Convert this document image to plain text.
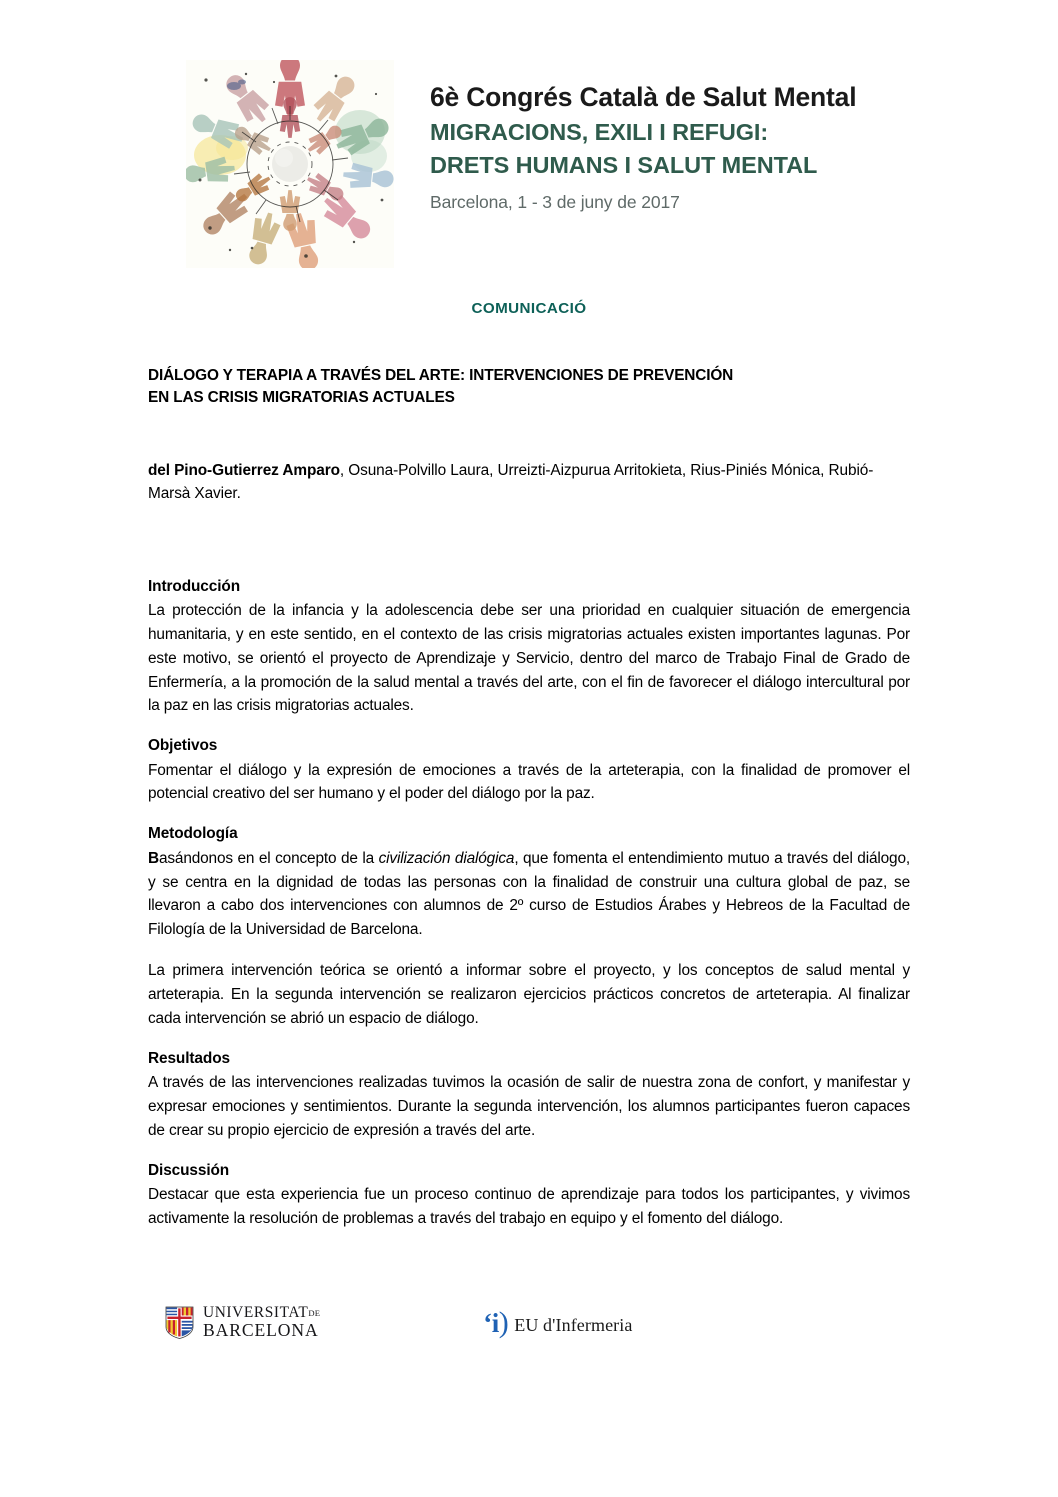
6è Congrés Català de Salut Mental
MIGRACIONS, EXILI I REFUGI:
DRETS HUMANS I SALUT MENTAL
Barcelona, 1 - 3 de juny de 2017
COMUNICACIÓ
DIÁLOGO Y TERAPIA A TRAVÉS DEL ARTE: INTERVENCIONES DE PREVENCIÓN
EN LAS CRISIS MIGRATORIAS ACTUALES
del Pino-Gutierrez Amparo, Osuna-Polvillo Laura, Urreizti-Aizpurua Arritokieta, Rius-Piniés Mónica, Rubió-Marsà Xavier.
Introducción

La protección de la infancia y la adolescencia debe ser una prioridad en cualquier situación de emergencia humanitaria, y en este sentido, en el contexto de las crisis migratorias actuales existen importantes lagunas. Por este motivo, se orientó el proyecto de Aprendizaje y Servicio, dentro del marco de Trabajo Final de Grado de Enfermería, a la promoción de la salud mental a través del arte, con el fin de favorecer el diálogo intercultural por la paz en las crisis migratorias actuales.

Objetivos

Fomentar el diálogo y la expresión de emociones a través de la arteterapia, con la finalidad de promover el potencial creativo del ser humano y el poder del diálogo por la paz.

Metodología

Basándonos en el concepto de la civilización dialógica, que fomenta el entendimiento mutuo a través del diálogo, y se centra en la dignidad de todas las personas con la finalidad de construir una cultura global de paz, se llevaron a cabo dos intervenciones con alumnos de 2º curso de Estudios Árabes y Hebreos de la Facultad de Filología de la Universidad de Barcelona.

La primera intervención teórica se orientó a informar sobre el proyecto, y los conceptos de salud mental y arteterapia. En la segunda intervención se realizaron ejercicios prácticos concretos de arteterapia. Al finalizar cada intervención se abrió un espacio de diálogo.

Resultados

A través de las intervenciones realizadas tuvimos la ocasión de salir de nuestra zona de confort, y manifestar y expresar emociones y sentimientos. Durante la segunda intervención, los alumnos participantes fueron capaces de crear su propio ejercicio de expresión a través del arte.

Discussión

Destacar que esta experiencia fue un proceso continuo de aprendizaje para todos los participantes, y vivimos activamente la resolución de problemas a través del trabajo en equipo y el fomento del diálogo.

UNIVERSITATDE
BARCELONA	ʻi) EU d'Infermeria
